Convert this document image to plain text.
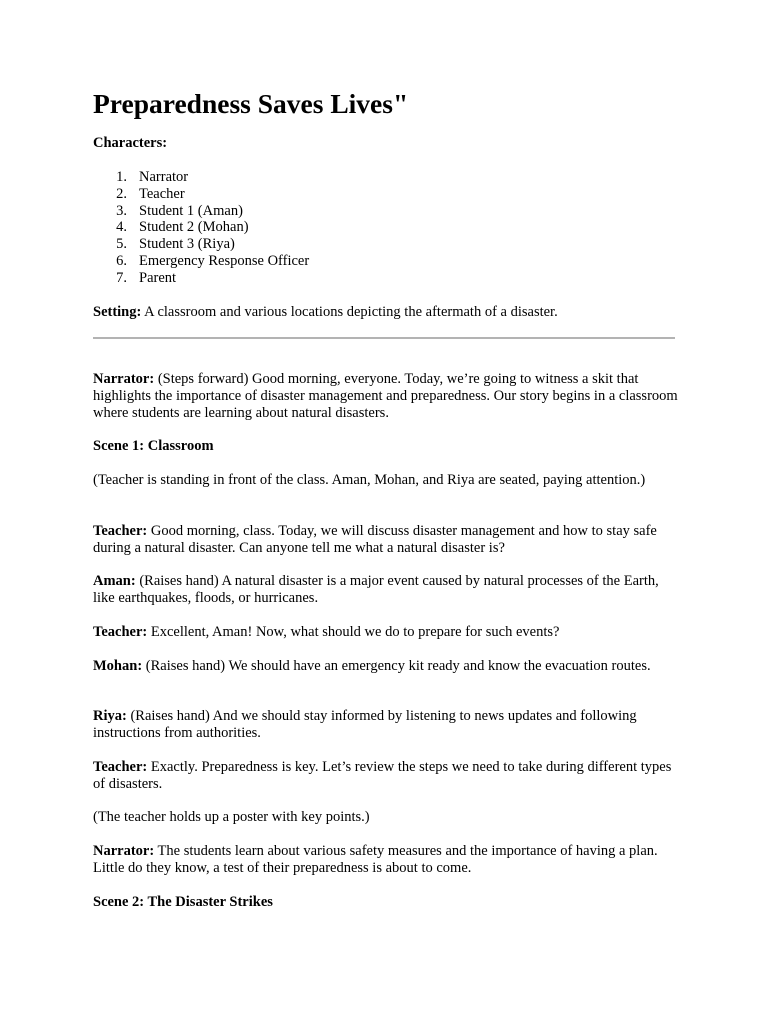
Preparedness Saves Lives"
Characters:
1. Narrator
2. Teacher
3. Student 1 (Aman)
4. Student 2 (Mohan)
5. Student 3 (Riya)
6. Emergency Response Officer
7. Parent
Setting: A classroom and various locations depicting the aftermath of a disaster.
Narrator: (Steps forward) Good morning, everyone. Today, we’re going to witness a skit that highlights the importance of disaster management and preparedness. Our story begins in a classroom where students are learning about natural disasters.
Scene 1: Classroom
(Teacher is standing in front of the class. Aman, Mohan, and Riya are seated, paying attention.)
Teacher: Good morning, class. Today, we will discuss disaster management and how to stay safe during a natural disaster. Can anyone tell me what a natural disaster is?
Aman: (Raises hand) A natural disaster is a major event caused by natural processes of the Earth, like earthquakes, floods, or hurricanes.
Teacher: Excellent, Aman! Now, what should we do to prepare for such events?
Mohan: (Raises hand) We should have an emergency kit ready and know the evacuation routes.
Riya: (Raises hand) And we should stay informed by listening to news updates and following instructions from authorities.
Teacher: Exactly. Preparedness is key. Let’s review the steps we need to take during different types of disasters.
(The teacher holds up a poster with key points.)
Narrator: The students learn about various safety measures and the importance of having a plan. Little do they know, a test of their preparedness is about to come.
Scene 2: The Disaster Strikes
